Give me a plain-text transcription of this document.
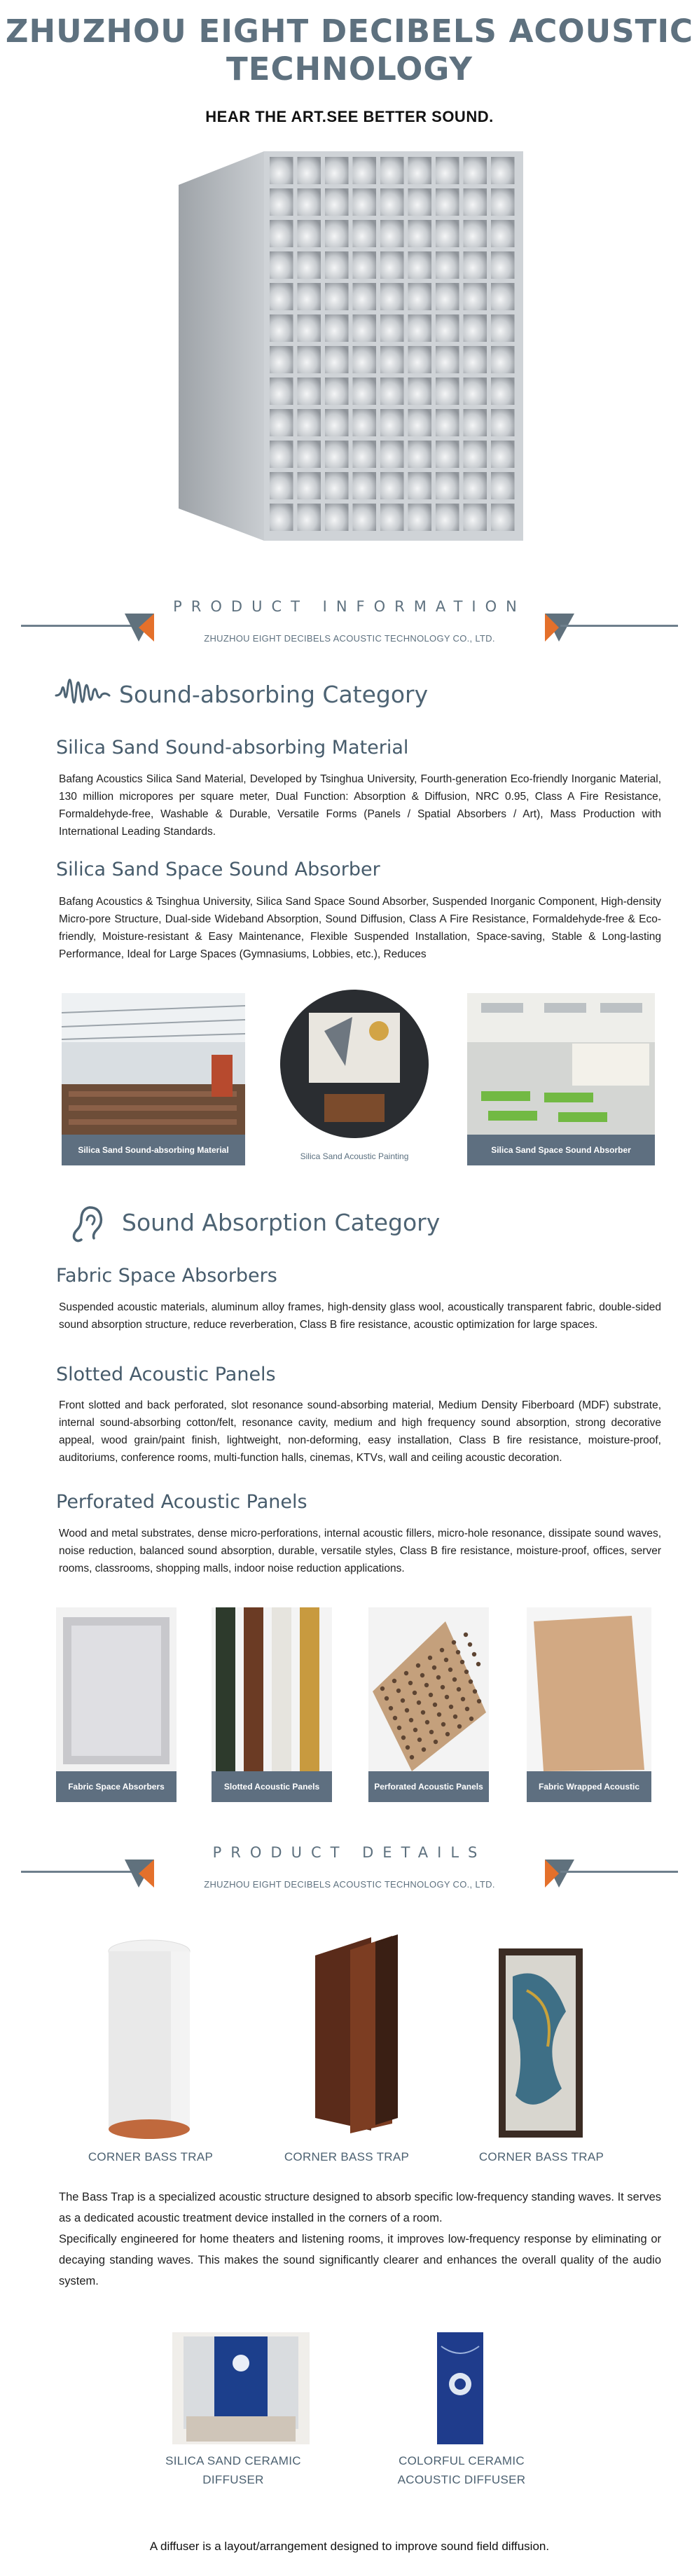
ZHUZHOU EIGHT DECIBELS ACOUSTIC
TECHNOLOGY
HEAR THE ART.SEE BETTER SOUND.
PRODUCT INFORMATION
ZHUZHOU EIGHT DECIBELS ACOUSTIC TECHNOLOGY CO., LTD.
Sound-absorbing Category
Silica Sand Sound-absorbing Material
Bafang Acoustics Silica Sand Material, Developed by Tsinghua University, Fourth-generation Eco-friendly Inorganic Material, 130 million micropores per square meter, Dual Function: Absorption & Diffusion, NRC 0.95, Class A Fire Resistance, Formaldehyde-free, Washable & Durable, Versatile Forms (Panels / Spatial Absorbers / Art), Mass Production with International Leading Standards.
Silica Sand Space Sound Absorber
Bafang Acoustics & Tsinghua University, Silica Sand Space Sound Absorber, Suspended Inorganic Component, High-density Micro-pore Structure, Dual-side Wideband Absorption, Sound Diffusion, Class A Fire Resistance, Formaldehyde-free & Eco-friendly, Moisture-resistant & Easy Maintenance, Flexible Suspended Installation, Space-saving, Stable & Long-lasting Performance, Ideal for Large Spaces (Gymnasiums, Lobbies, etc.), Reduces
Silica Sand Sound-absorbing Material
Silica Sand Acoustic Painting
Silica Sand Space Sound Absorber
Sound Absorption Category
Fabric Space Absorbers
Suspended acoustic materials, aluminum alloy frames, high-density glass wool, acoustically transparent fabric, double-sided sound absorption structure, reduce reverberation, Class B fire resistance, acoustic optimization for large spaces.
Slotted Acoustic Panels
Front slotted and back perforated, slot resonance sound-absorbing material, Medium Density Fiberboard (MDF) substrate, internal sound-absorbing cotton/felt, resonance cavity, medium and high frequency sound absorption, strong decorative appeal, wood grain/paint finish, lightweight, non-deforming, easy installation, Class B fire resistance, moisture-proof, auditoriums, conference rooms, multi-function halls, cinemas, KTVs, wall and ceiling acoustic decoration.
Perforated Acoustic Panels
Wood and metal substrates, dense micro-perforations, internal acoustic fillers, micro-hole resonance, dissipate sound waves, noise reduction, balanced sound absorption, durable, versatile styles, Class B fire resistance, moisture-proof, offices, server rooms, classrooms, shopping malls, indoor noise reduction applications.
Fabric Space Absorbers	Slotted Acoustic Panels	Perforated Acoustic Panels	Fabric Wrapped Acoustic Panels
PRODUCT DETAILS
ZHUZHOU EIGHT DECIBELS ACOUSTIC TECHNOLOGY CO., LTD.
CORNER BASS TRAP	CORNER BASS TRAP	CORNER BASS TRAP
The Bass Trap is a specialized acoustic structure designed to absorb specific low-frequency standing waves. It serves as a dedicated acoustic treatment device installed in the corners of a room.
Specifically engineered for home theaters and listening rooms, it improves low-frequency response by eliminating or decaying standing waves. This makes the sound significantly clearer and enhances the overall quality of the audio system.
SILICA SAND CERAMIC DIFFUSER
COLORFUL CERAMIC ACOUSTIC DIFFUSER
A diffuser is a layout/arrangement designed to improve sound field diffusion.
